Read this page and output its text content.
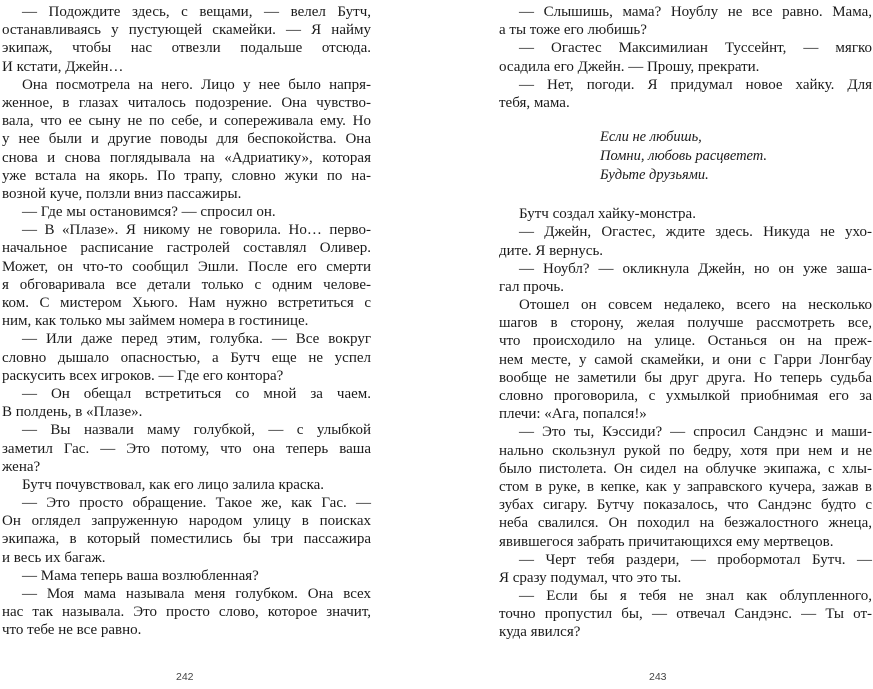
— Подождите здесь, с вещами, — велел Бутч,
останавливаясь у пустующей скамейки. — Я найму
экипаж, чтобы нас отвезли подальше отсюда.
И кстати, Джейн…
Она посмотрела на него. Лицо у нее было напря-
женное, в глазах читалось подозрение. Она чувство-
вала, что ее сыну не по себе, и сопереживала ему. Но
у нее были и другие поводы для беспокойства. Она
снова и снова поглядывала на «Адриатику», которая
уже встала на якорь. По трапу, словно жуки по на-
возной куче, ползли вниз пассажиры.
— Где мы остановимся? — спросил он.
— В «Плазе». Я никому не говорила. Но… перво-
начальное расписание гастролей составлял Оливер.
Может, он что-то сообщил Эшли. После его смерти
я обговаривала все детали только с одним челове-
ком. С мистером Хьюго. Нам нужно встретиться с
ним, как только мы займем номера в гостинице.
— Или даже перед этим, голубка. — Все вокруг
словно дышало опасностью, а Бутч еще не успел
раскусить всех игроков. — Где его контора?
— Он обещал встретиться со мной за чаем.
В полдень, в «Плазе».
— Вы назвали маму голубкой, — с улыбкой
заметил Гас. — Это потому, что она теперь ваша
жена?
Бутч почувствовал, как его лицо залила краска.
— Это просто обращение. Такое же, как Гас. —
Он оглядел запруженную народом улицу в поисках
экипажа, в который поместились бы три пассажира
и весь их багаж.
— Мама теперь ваша возлюбленная?
— Моя мама называла меня голубком. Она всех
нас так называла. Это просто слово, которое значит,
что тебе не все равно.
— Слышишь, мама? Ноублу не все равно. Мама,
а ты тоже его любишь?
— Огастес Максимилиан Туссейнт, — мягко
осадила его Джейн. — Прошу, прекрати.
— Нет, погоди. Я придумал новое хайку. Для
тебя, мама.
Если не любишь,
Помни, любовь расцветет.
Будьте друзьями.
Бутч создал хайку-монстра.
— Джейн, Огастес, ждите здесь. Никуда не ухо-
дите. Я вернусь.
— Ноубл? — окликнула Джейн, но он уже заша-
гал прочь.
Отошел он совсем недалеко, всего на несколько
шагов в сторону, желая получше рассмотреть все,
что происходило на улице. Останься он на преж-
нем месте, у самой скамейки, и они с Гарри Лонгбау
вообще не заметили бы друг друга. Но теперь судьба
словно проговорила, с ухмылкой приобнимая его за
плечи: «Ага, попался!»
— Это ты, Кэссиди? — спросил Сандэнс и маши-
нально скользнул рукой по бедру, хотя при нем и не
было пистолета. Он сидел на облучке экипажа, с хлы-
стом в руке, в кепке, как у заправского кучера, зажав в
зубах сигару. Бутчу показалось, что Сандэнс будто с
неба свалился. Он походил на безжалостного жнеца,
явившегося забрать причитающихся ему мертвецов.
— Черт тебя раздери, — пробормотал Бутч. —
Я сразу подумал, что это ты.
— Если бы я тебя не знал как облупленного,
точно пропустил бы, — отвечал Сандэнс. — Ты от-
куда явился?
242	243
